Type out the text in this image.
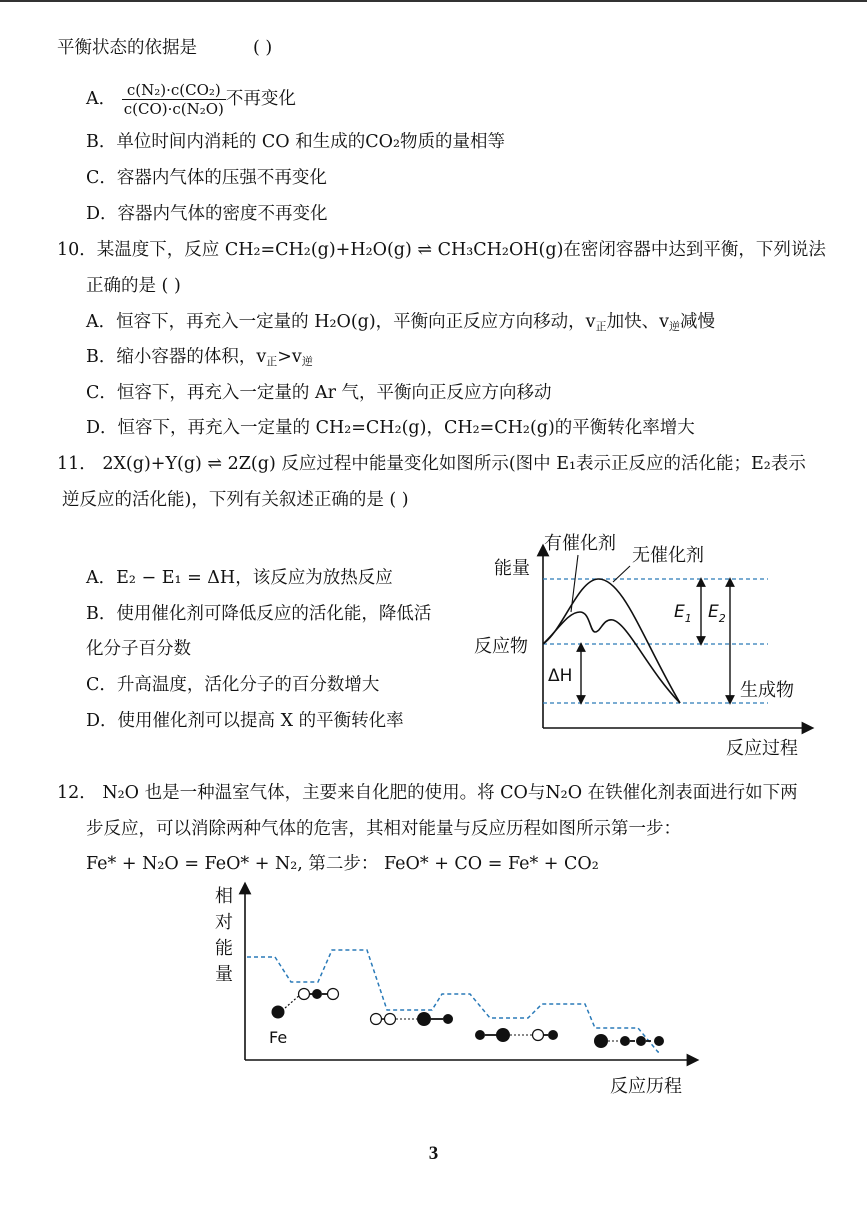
平衡状态的依据是	( )
A． $\frac{\text{c(N₂)·c(CO₂)}}{\text{c(CO)·c(N₂O)}}$ 不再变化
B．单位时间内消耗的 CO 和生成的CO₂物质的量相等
C．容器内气体的压强不再变化
D．容器内气体的密度不再变化
10．某温度下，反应 CH₂=CH₂(g)+H₂O(g) ⇌ CH₃CH₂OH(g)在密闭容器中达到平衡，下列说法
正确的是 ( )
A．恒容下，再充入一定量的 H₂O(g)，平衡向正反应方向移动，v正加快、v逆减慢
B．缩小容器的体积，v正>v逆
C．恒容下，再充入一定量的 Ar 气，平衡向正反应方向移动
D．恒容下，再充入一定量的 CH₂=CH₂(g)，CH₂=CH₂(g)的平衡转化率增大
11． 2X(g)+Y(g) ⇌ 2Z(g) 反应过程中能量变化如图所示(图中 E₁表示正反应的活化能；E₂表示
逆反应的活化能)，下列有关叙述正确的是 ( )
A．E₂ − E₁ = ΔH，该反应为放热反应
B．使用催化剂可降低反应的活化能，降低活
化分子百分数
C．升高温度，活化分子的百分数增大
D．使用催化剂可以提高 X 的平衡转化率
有催化剂
无催化剂
能量
反应物
生成物
反应过程
$E_1$ $E_2$
ΔH
12． N₂O 也是一种温室气体，主要来自化肥的使用。将 CO与N₂O 在铁催化剂表面进行如下两
步反应，可以消除两种气体的危害，其相对能量与反应历程如图所示第一步：
Fe* + N₂O = FeO* + N₂, 第二步： FeO* + CO = Fe* + CO₂
相
对
能
量
反应历程
Fe
3
